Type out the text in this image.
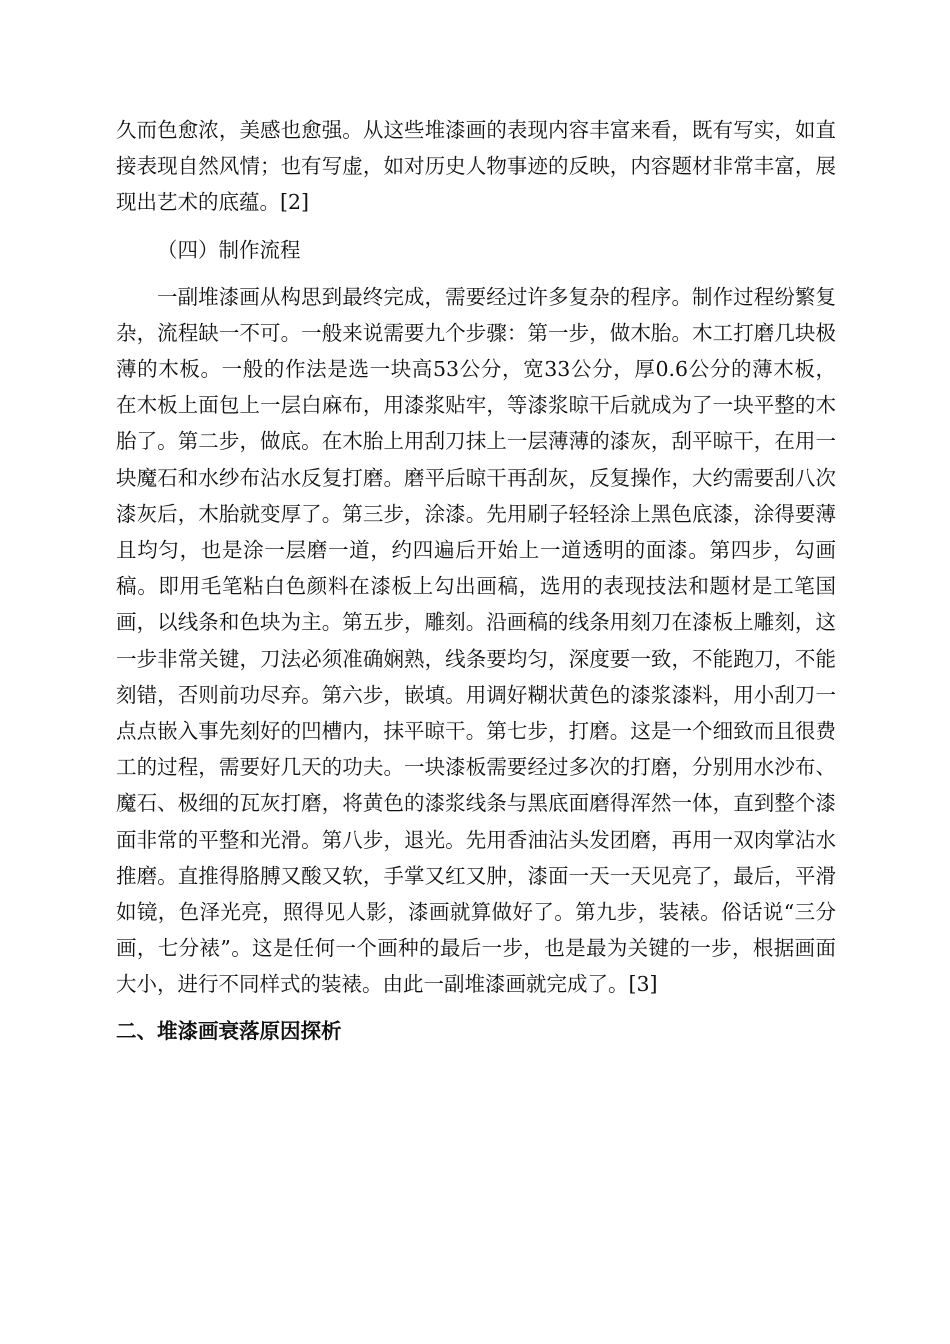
久而色愈浓，美感也愈强。从这些堆漆画的表现内容丰富来看，既有写实，如直接表现自然风情；也有写虚，如对历史人物事迹的反映，内容题材非常丰富，展现出艺术的底蕴。[2]

（四）制作流程

一副堆漆画从构思到最终完成，需要经过许多复杂的程序。制作过程纷繁复杂，流程缺一不可。一般来说需要九个步骤：第一步，做木胎。木工打磨几块极薄的木板。一般的作法是选一块高53公分，宽33公分，厚0.6公分的薄木板，在木板上面包上一层白麻布，用漆浆贴牢，等漆浆晾干后就成为了一块平整的木胎了。第二步，做底。在木胎上用刮刀抹上一层薄薄的漆灰，刮平晾干，在用一块魔石和水纱布沾水反复打磨。磨平后晾干再刮灰，反复操作，大约需要刮八次漆灰后，木胎就变厚了。第三步，涂漆。先用刷子轻轻涂上黑色底漆，涂得要薄且均匀，也是涂一层磨一道，约四遍后开始上一道透明的面漆。第四步，勾画稿。即用毛笔粘白色颜料在漆板上勾出画稿，选用的表现技法和题材是工笔国画，以线条和色块为主。第五步，雕刻。沿画稿的线条用刻刀在漆板上雕刻，这一步非常关键，刀法必须准确娴熟，线条要均匀，深度要一致，不能跑刀，不能刻错，否则前功尽弃。第六步，嵌填。用调好糊状黄色的漆浆漆料，用小刮刀一点点嵌入事先刻好的凹槽内，抹平晾干。第七步，打磨。这是一个细致而且很费工的过程，需要好几天的功夫。一块漆板需要经过多次的打磨，分别用水沙布、魔石、极细的瓦灰打磨，将黄色的漆浆线条与黑底面磨得浑然一体，直到整个漆面非常的平整和光滑。第八步，退光。先用香油沾头发团磨，再用一双肉掌沾水推磨。直推得胳膊又酸又软，手掌又红又肿，漆面一天一天见亮了，最后，平滑如镜，色泽光亮，照得见人影，漆画就算做好了。第九步，装裱。俗话说“三分画，七分裱”。这是任何一个画种的最后一步，也是最为关键的一步，根据画面大小，进行不同样式的装裱。由此一副堆漆画就完成了。[3]

二、堆漆画衰落原因探析
